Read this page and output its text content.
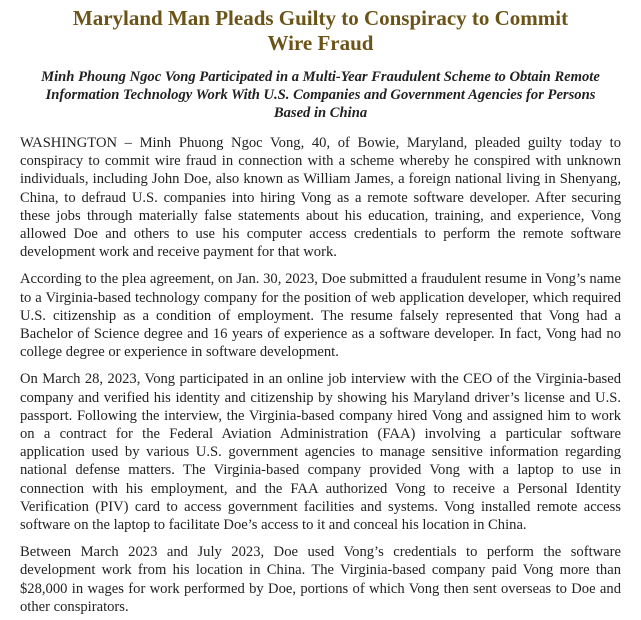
Maryland Man Pleads Guilty to Conspiracy to Commit Wire Fraud
Minh Phoung Ngoc Vong Participated in a Multi-Year Fraudulent Scheme to Obtain Remote Information Technology Work With U.S. Companies and Government Agencies for Persons Based in China

WASHINGTON – Minh Phuong Ngoc Vong, 40, of Bowie, Maryland, pleaded guilty today to conspiracy to commit wire fraud in connection with a scheme whereby he conspired with unknown individuals, including John Doe, also known as William James, a foreign national living in Shenyang, China, to defraud U.S. companies into hiring Vong as a remote software developer. After securing these jobs through materially false statements about his education, training, and experience, Vong allowed Doe and others to use his computer access credentials to perform the remote software development work and receive payment for that work.

According to the plea agreement, on Jan. 30, 2023, Doe submitted a fraudulent resume in Vong’s name to a Virginia-based technology company for the position of web application developer, which required U.S. citizenship as a condition of employment. The resume falsely represented that Vong had a Bachelor of Science degree and 16 years of experience as a software developer. In fact, Vong had no college degree or experience in software development.

On March 28, 2023, Vong participated in an online job interview with the CEO of the Virginia-based company and verified his identity and citizenship by showing his Maryland driver’s license and U.S. passport. Following the interview, the Virginia-based company hired Vong and assigned him to work on a contract for the Federal Aviation Administration (FAA) involving a particular software application used by various U.S. government agencies to manage sensitive information regarding national defense matters. The Virginia-based company provided Vong with a laptop to use in connection with his employment, and the FAA authorized Vong to receive a Personal Identity Verification (PIV) card to access government facilities and systems. Vong installed remote access software on the laptop to facilitate Doe’s access to it and conceal his location in China.

Between March 2023 and July 2023, Doe used Vong’s credentials to perform the software development work from his location in China. The Virginia-based company paid Vong more than $28,000 in wages for work performed by Doe, portions of which Vong then sent overseas to Doe and other conspirators.
